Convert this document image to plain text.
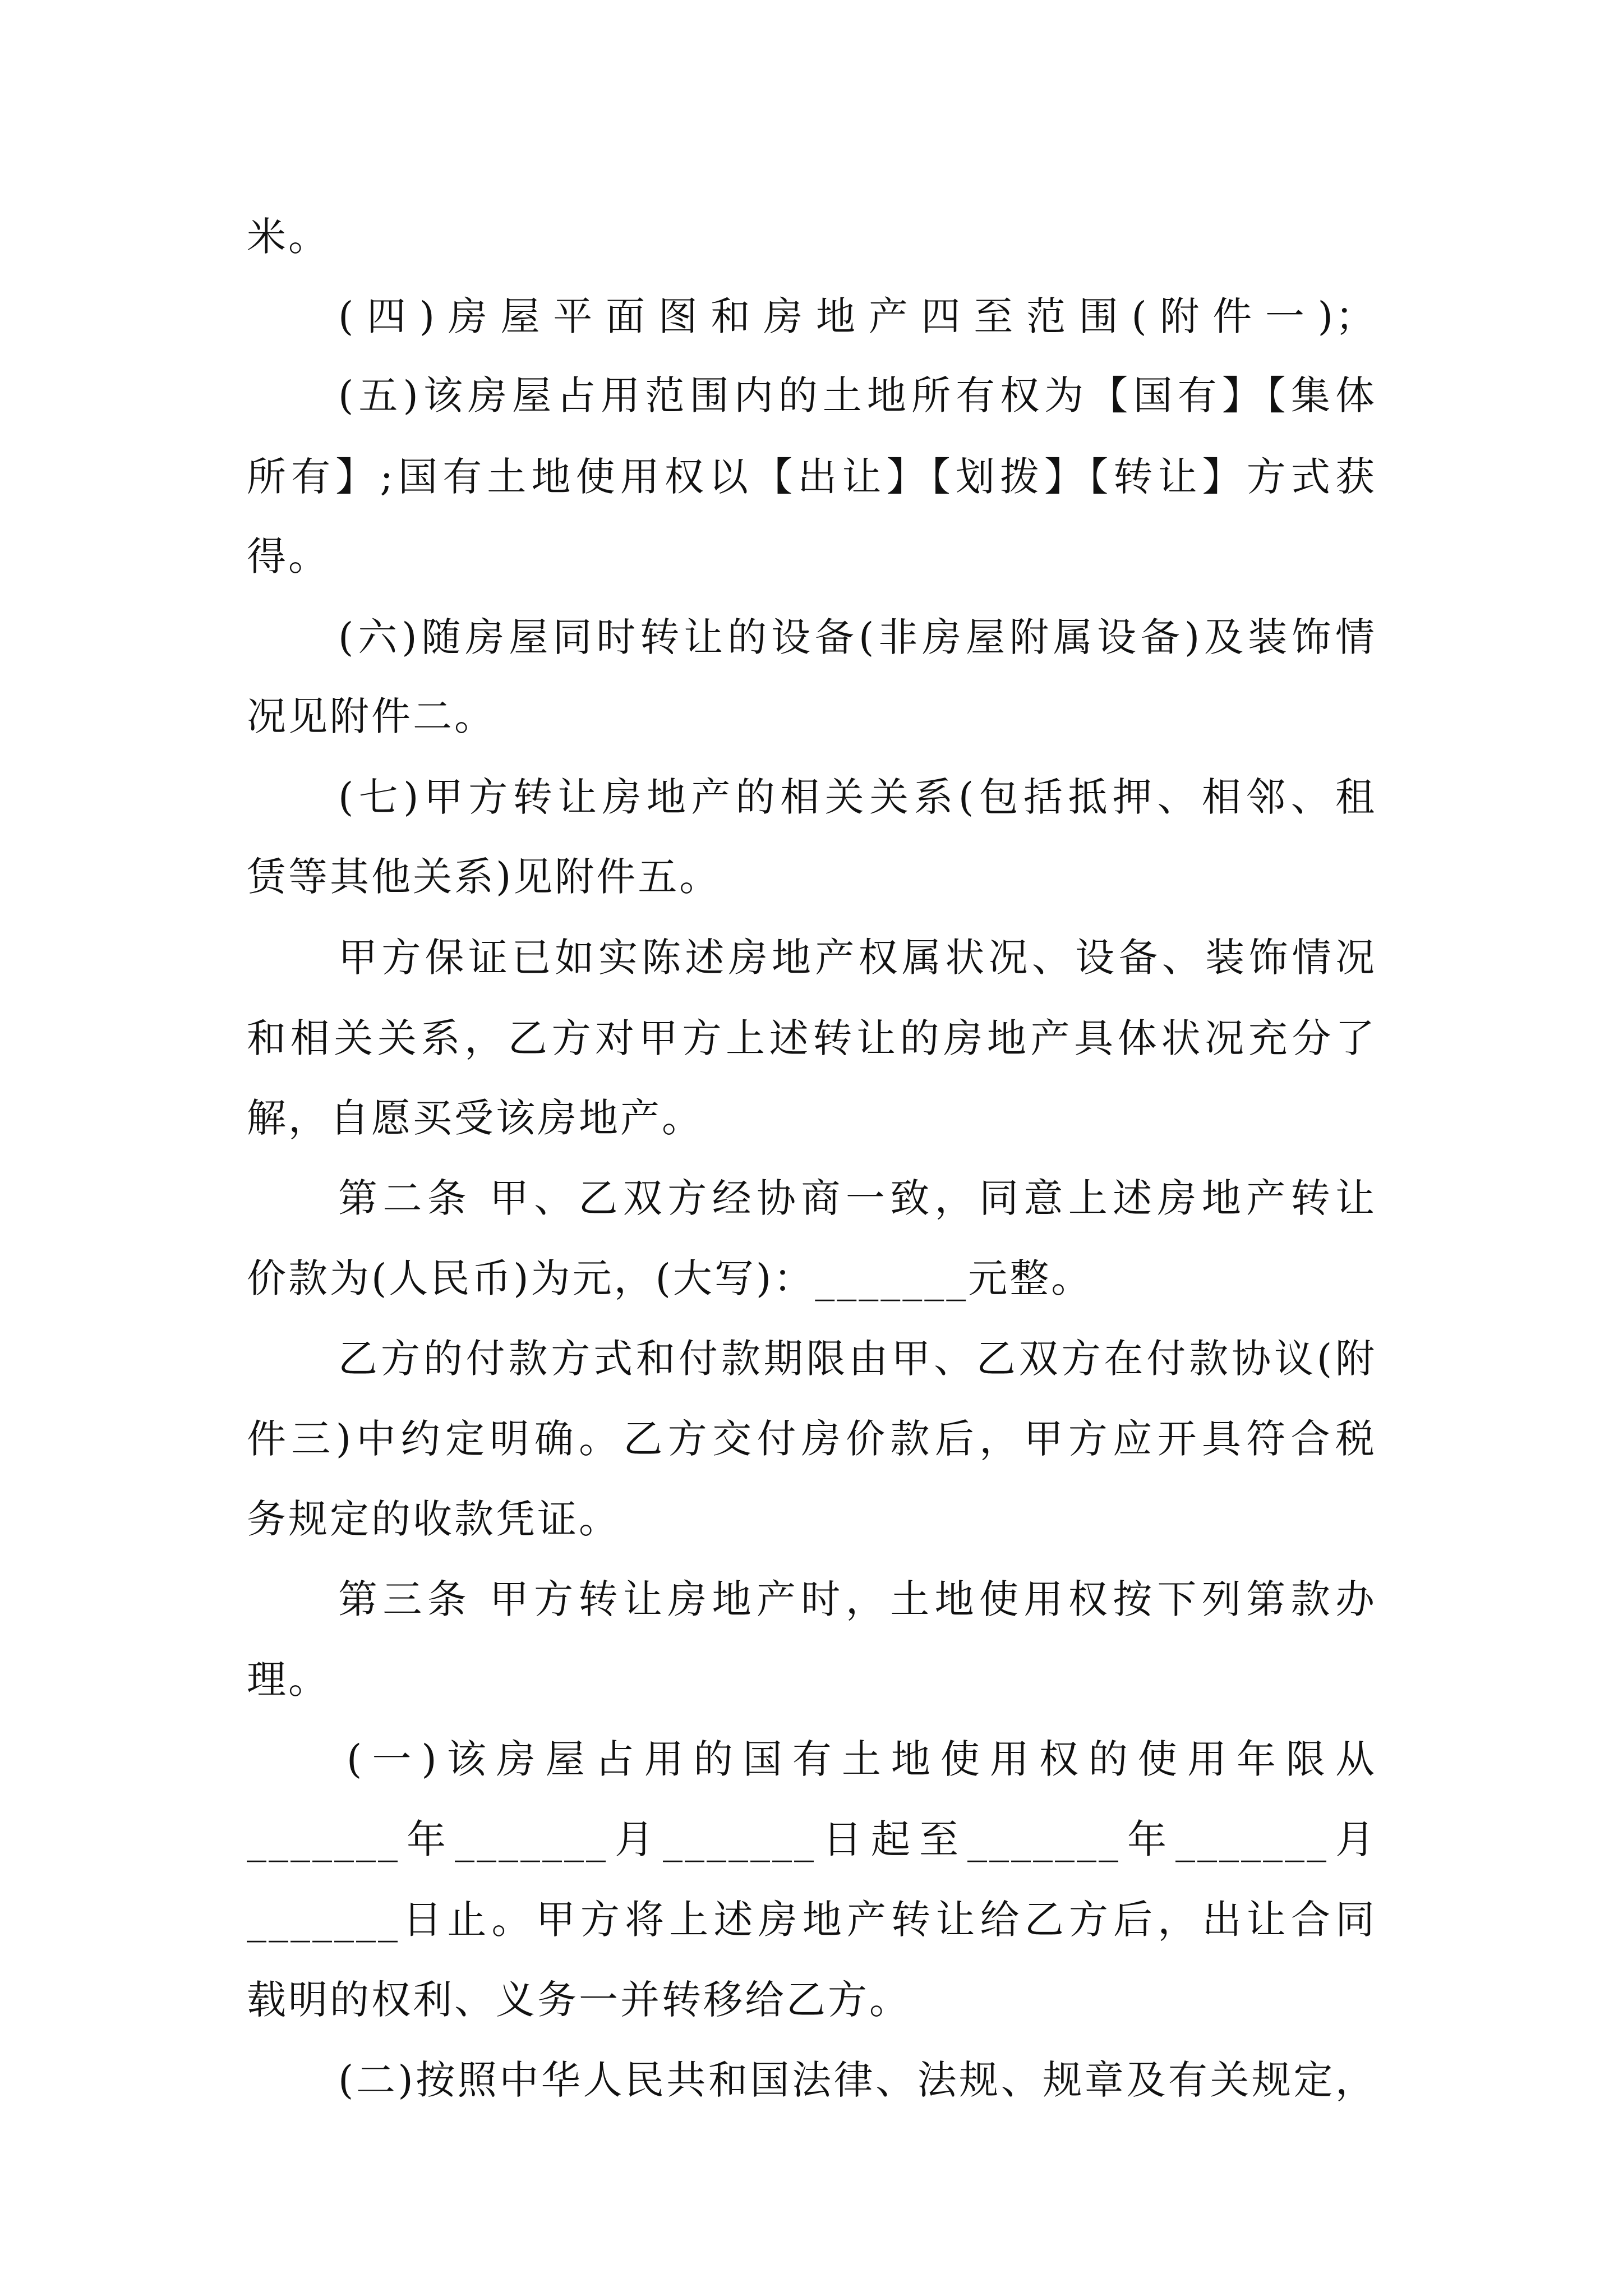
米。
(四)房屋平面图和房地产四至范围(附件一)；
(五)该房屋占用范围内的土地所有权为【国有】【集体
所有】;国有土地使用权以【出让】【划拨】【转让】方式获
得。
(六)随房屋同时转让的设备(非房屋附属设备)及装饰情
况见附件二。
(七)甲方转让房地产的相关关系(包括抵押、相邻、租
赁等其他关系)见附件五。
甲方保证已如实陈述房地产权属状况、设备、装饰情况
和相关关系，乙方对甲方上述转让的房地产具体状况充分了
解，自愿买受该房地产。
第二条 甲、乙双方经协商一致，同意上述房地产转让
价款为(人民币)为元，(大写)：_______元整。
乙方的付款方式和付款期限由甲、乙双方在付款协议(附
件三)中约定明确。乙方交付房价款后，甲方应开具符合税
务规定的收款凭证。
第三条 甲方转让房地产时，土地使用权按下列第款办
理。
(一)该房屋占用的国有土地使用权的使用年限从
_______年_______月_______日起至_______年_______月
_______日止。甲方将上述房地产转让给乙方后，出让合同
载明的权利、义务一并转移给乙方。
(二)按照中华人民共和国法律、法规、规章及有关规定，
